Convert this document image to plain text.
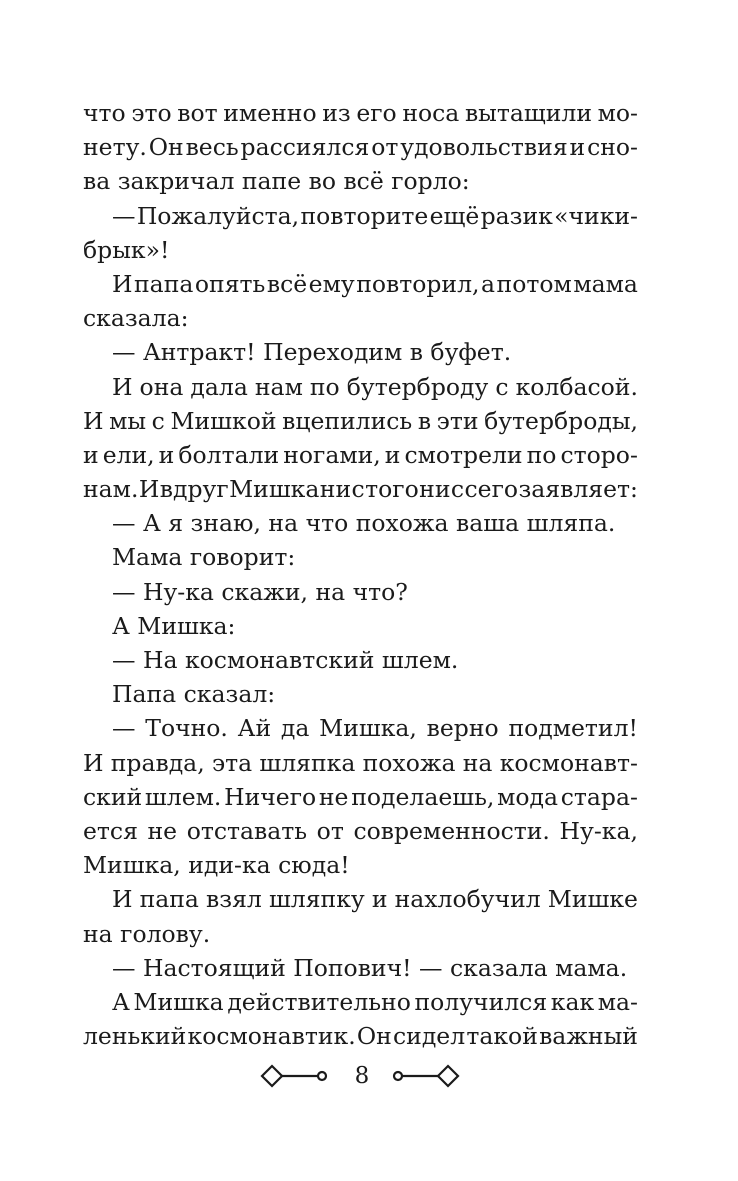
что это вот именно из его носа вытащили мо-
нету. Он весь рассиялся от удовольствия и сно-
ва закричал папе во всё горло:
— Пожалуйста, повторите ещё разик «чики-
брык»!
И папа опять всё ему повторил, а потом мама
сказала:
— Антракт! Переходим в буфет.
И она дала нам по бутерброду с колбасой.
И мы с Мишкой вцепились в эти бутерброды,
и ели, и болтали ногами, и смотрели по сторо-
нам. И вдруг Мишка ни с того ни с сего заявляет:
— А я знаю, на что похожа ваша шляпа.
Мама говорит:
— Ну-ка скажи, на что?
А Мишка:
— На космонавтский шлем.
Папа сказал:
— Точно. Ай да Мишка, верно подметил!
И правда, эта шляпка похожа на космонавт-
ский шлем. Ничего не поделаешь, мода старa-
ется не отставать от современности. Ну-ка,
Мишка, иди-ка сюда!
И папа взял шляпку и нахлобучил Мишке
на голову.
— Настоящий Попович! — сказала мама.
А Мишка действительно получился как ма-
ленький космонавтик. Он сидел такой важный
8
